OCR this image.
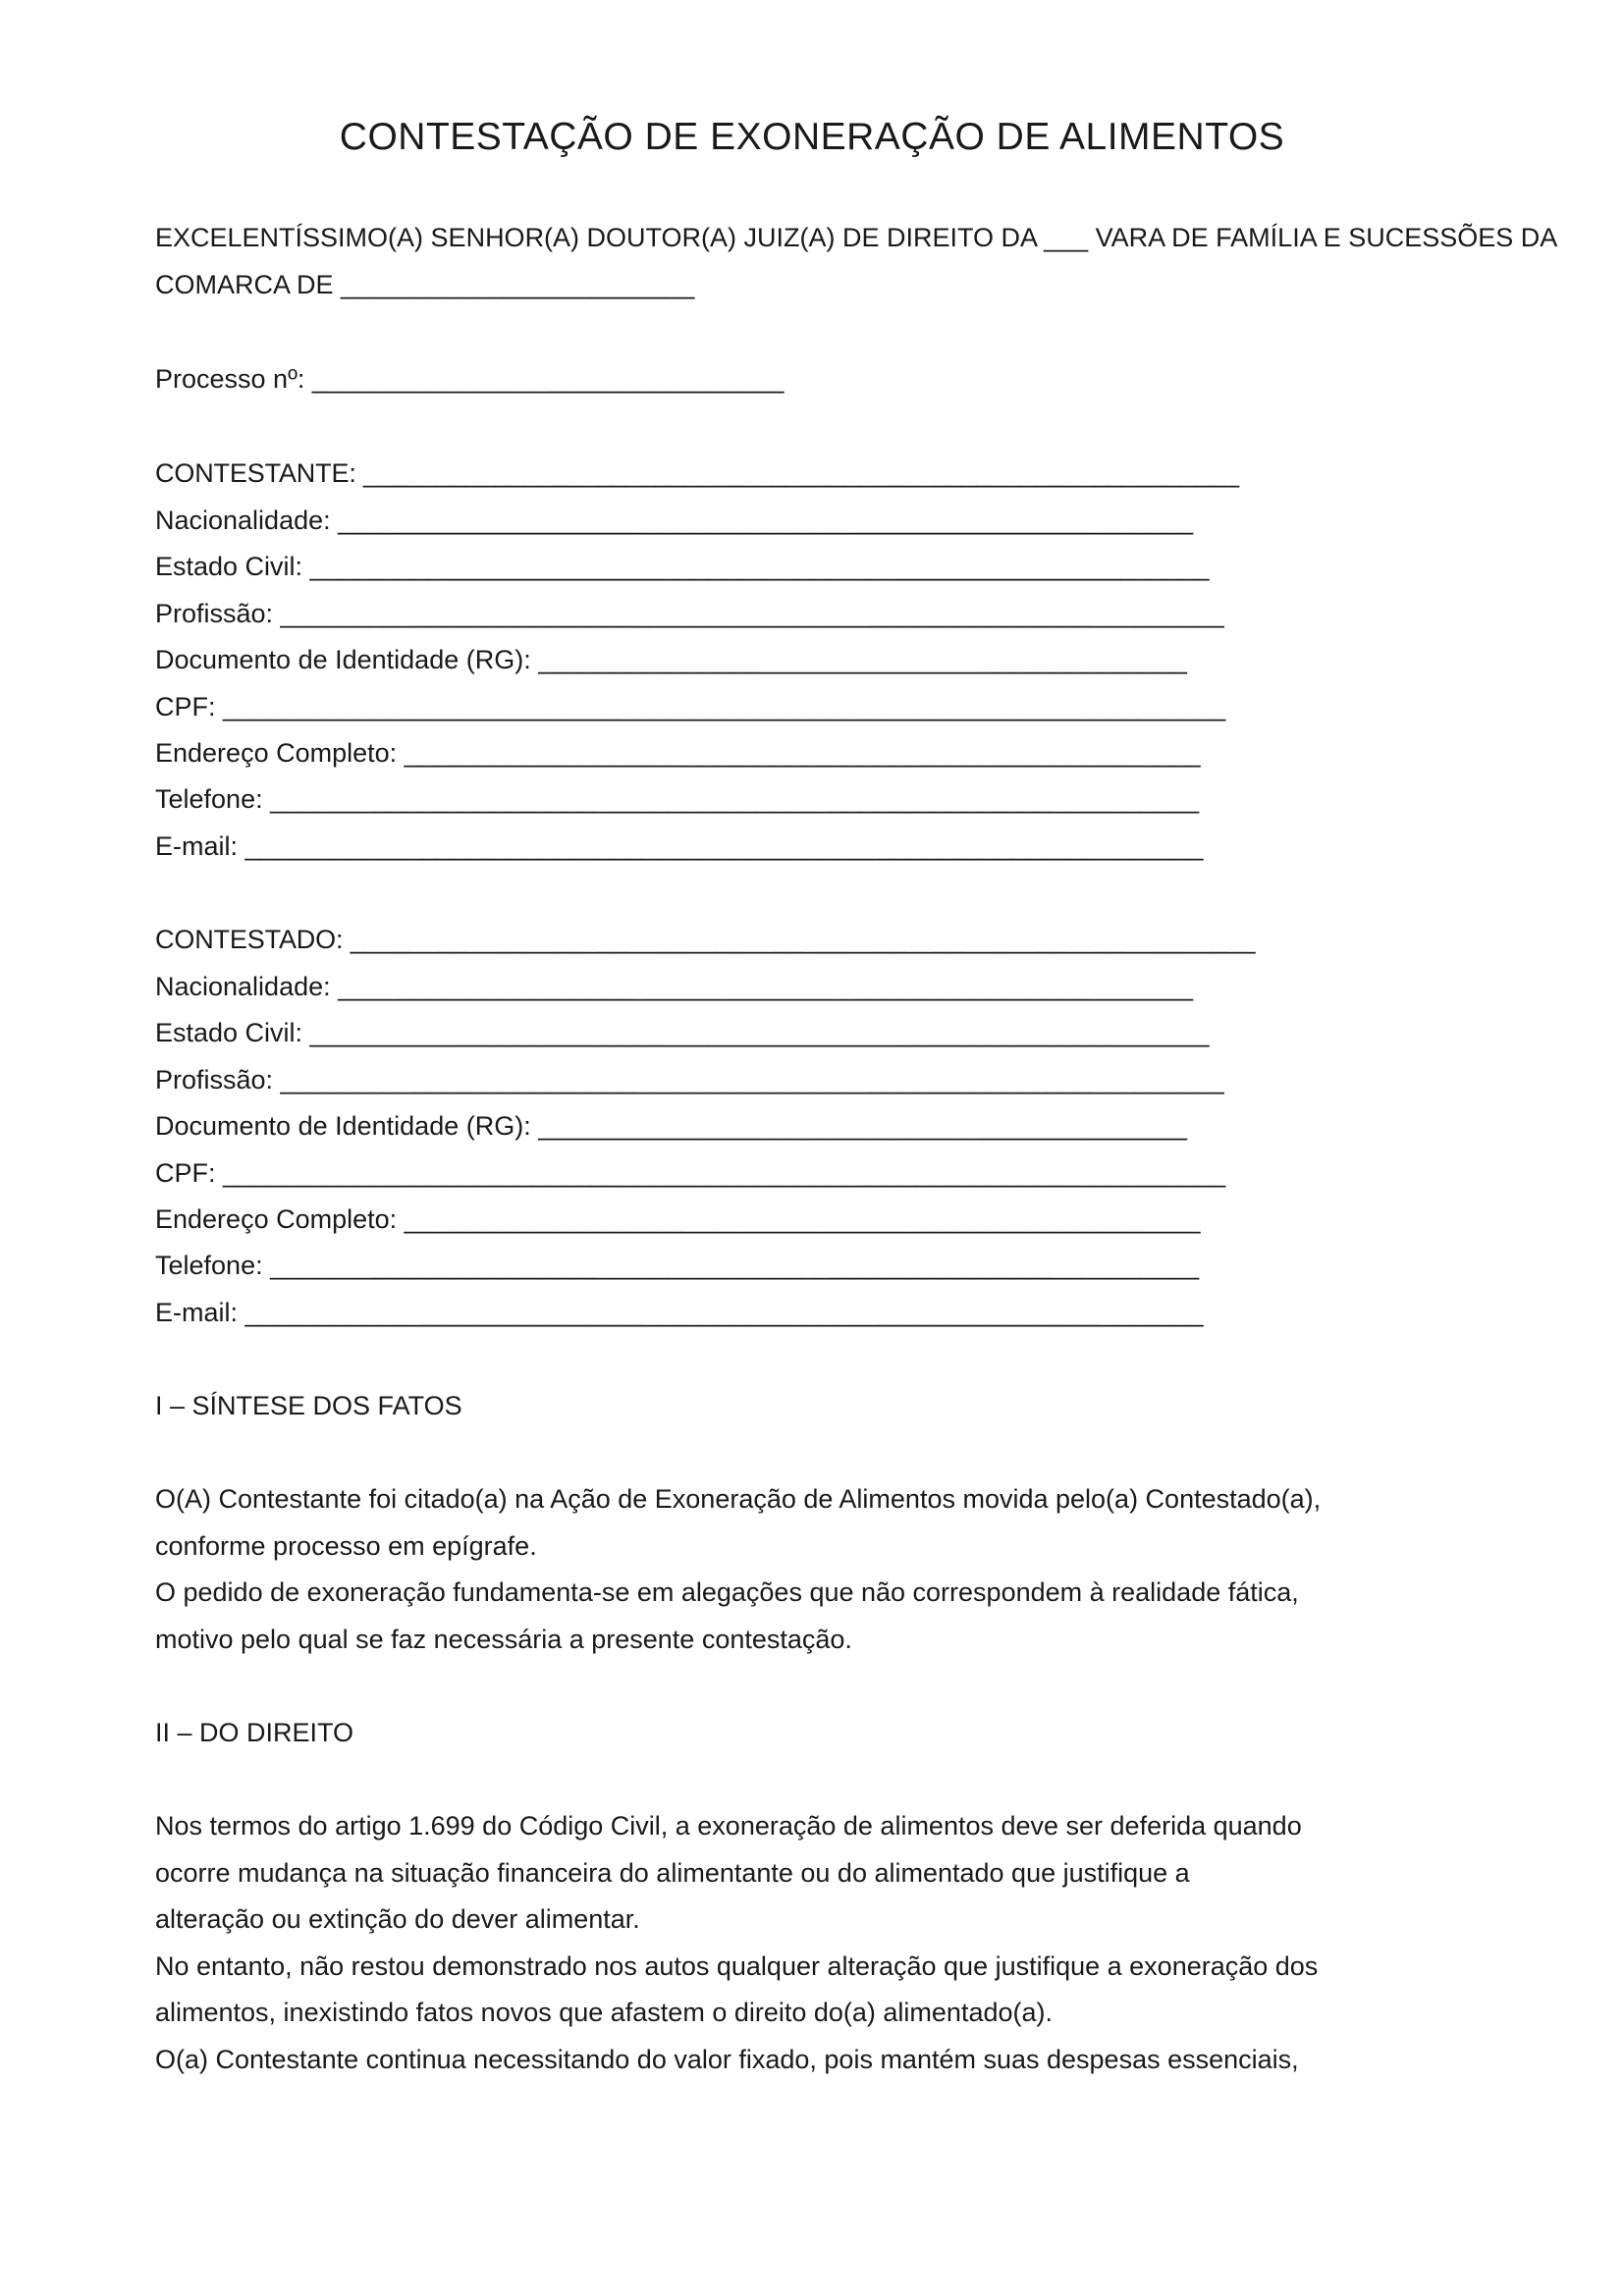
CONTESTAÇÃO DE EXONERAÇÃO DE ALIMENTOS

EXCELENTÍSSIMO(A) SENHOR(A) DOUTOR(A) JUIZ(A) DE DIREITO DA ___ VARA DE FAMÍLIA E SUCESSÕES DA

COMARCA DE ________________________

Processo nº: ________________________________

CONTESTANTE: ____________________________________________________________

Nacionalidade: __________________________________________________________

Estado Civil: _____________________________________________________________

Profissão: ________________________________________________________________

Documento de Identidade (RG): ____________________________________________

CPF: ____________________________________________________________________

Endereço Completo: ______________________________________________________

Telefone: _______________________________________________________________

E-mail: _________________________________________________________________

CONTESTADO: ______________________________________________________________

Nacionalidade: __________________________________________________________

Estado Civil: _____________________________________________________________

Profissão: ________________________________________________________________

Documento de Identidade (RG): ____________________________________________

CPF: ____________________________________________________________________

Endereço Completo: ______________________________________________________

Telefone: _______________________________________________________________

E-mail: _________________________________________________________________

I – SÍNTESE DOS FATOS

O(A) Contestante foi citado(a) na Ação de Exoneração de Alimentos movida pelo(a) Contestado(a),

conforme processo em epígrafe.

O pedido de exoneração fundamenta-se em alegações que não correspondem à realidade fática,

motivo pelo qual se faz necessária a presente contestação.

II – DO DIREITO

Nos termos do artigo 1.699 do Código Civil, a exoneração de alimentos deve ser deferida quando

ocorre mudança na situação financeira do alimentante ou do alimentado que justifique a

alteração ou extinção do dever alimentar.

No entanto, não restou demonstrado nos autos qualquer alteração que justifique a exoneração dos

alimentos, inexistindo fatos novos que afastem o direito do(a) alimentado(a).

O(a) Contestante continua necessitando do valor fixado, pois mantém suas despesas essenciais,
